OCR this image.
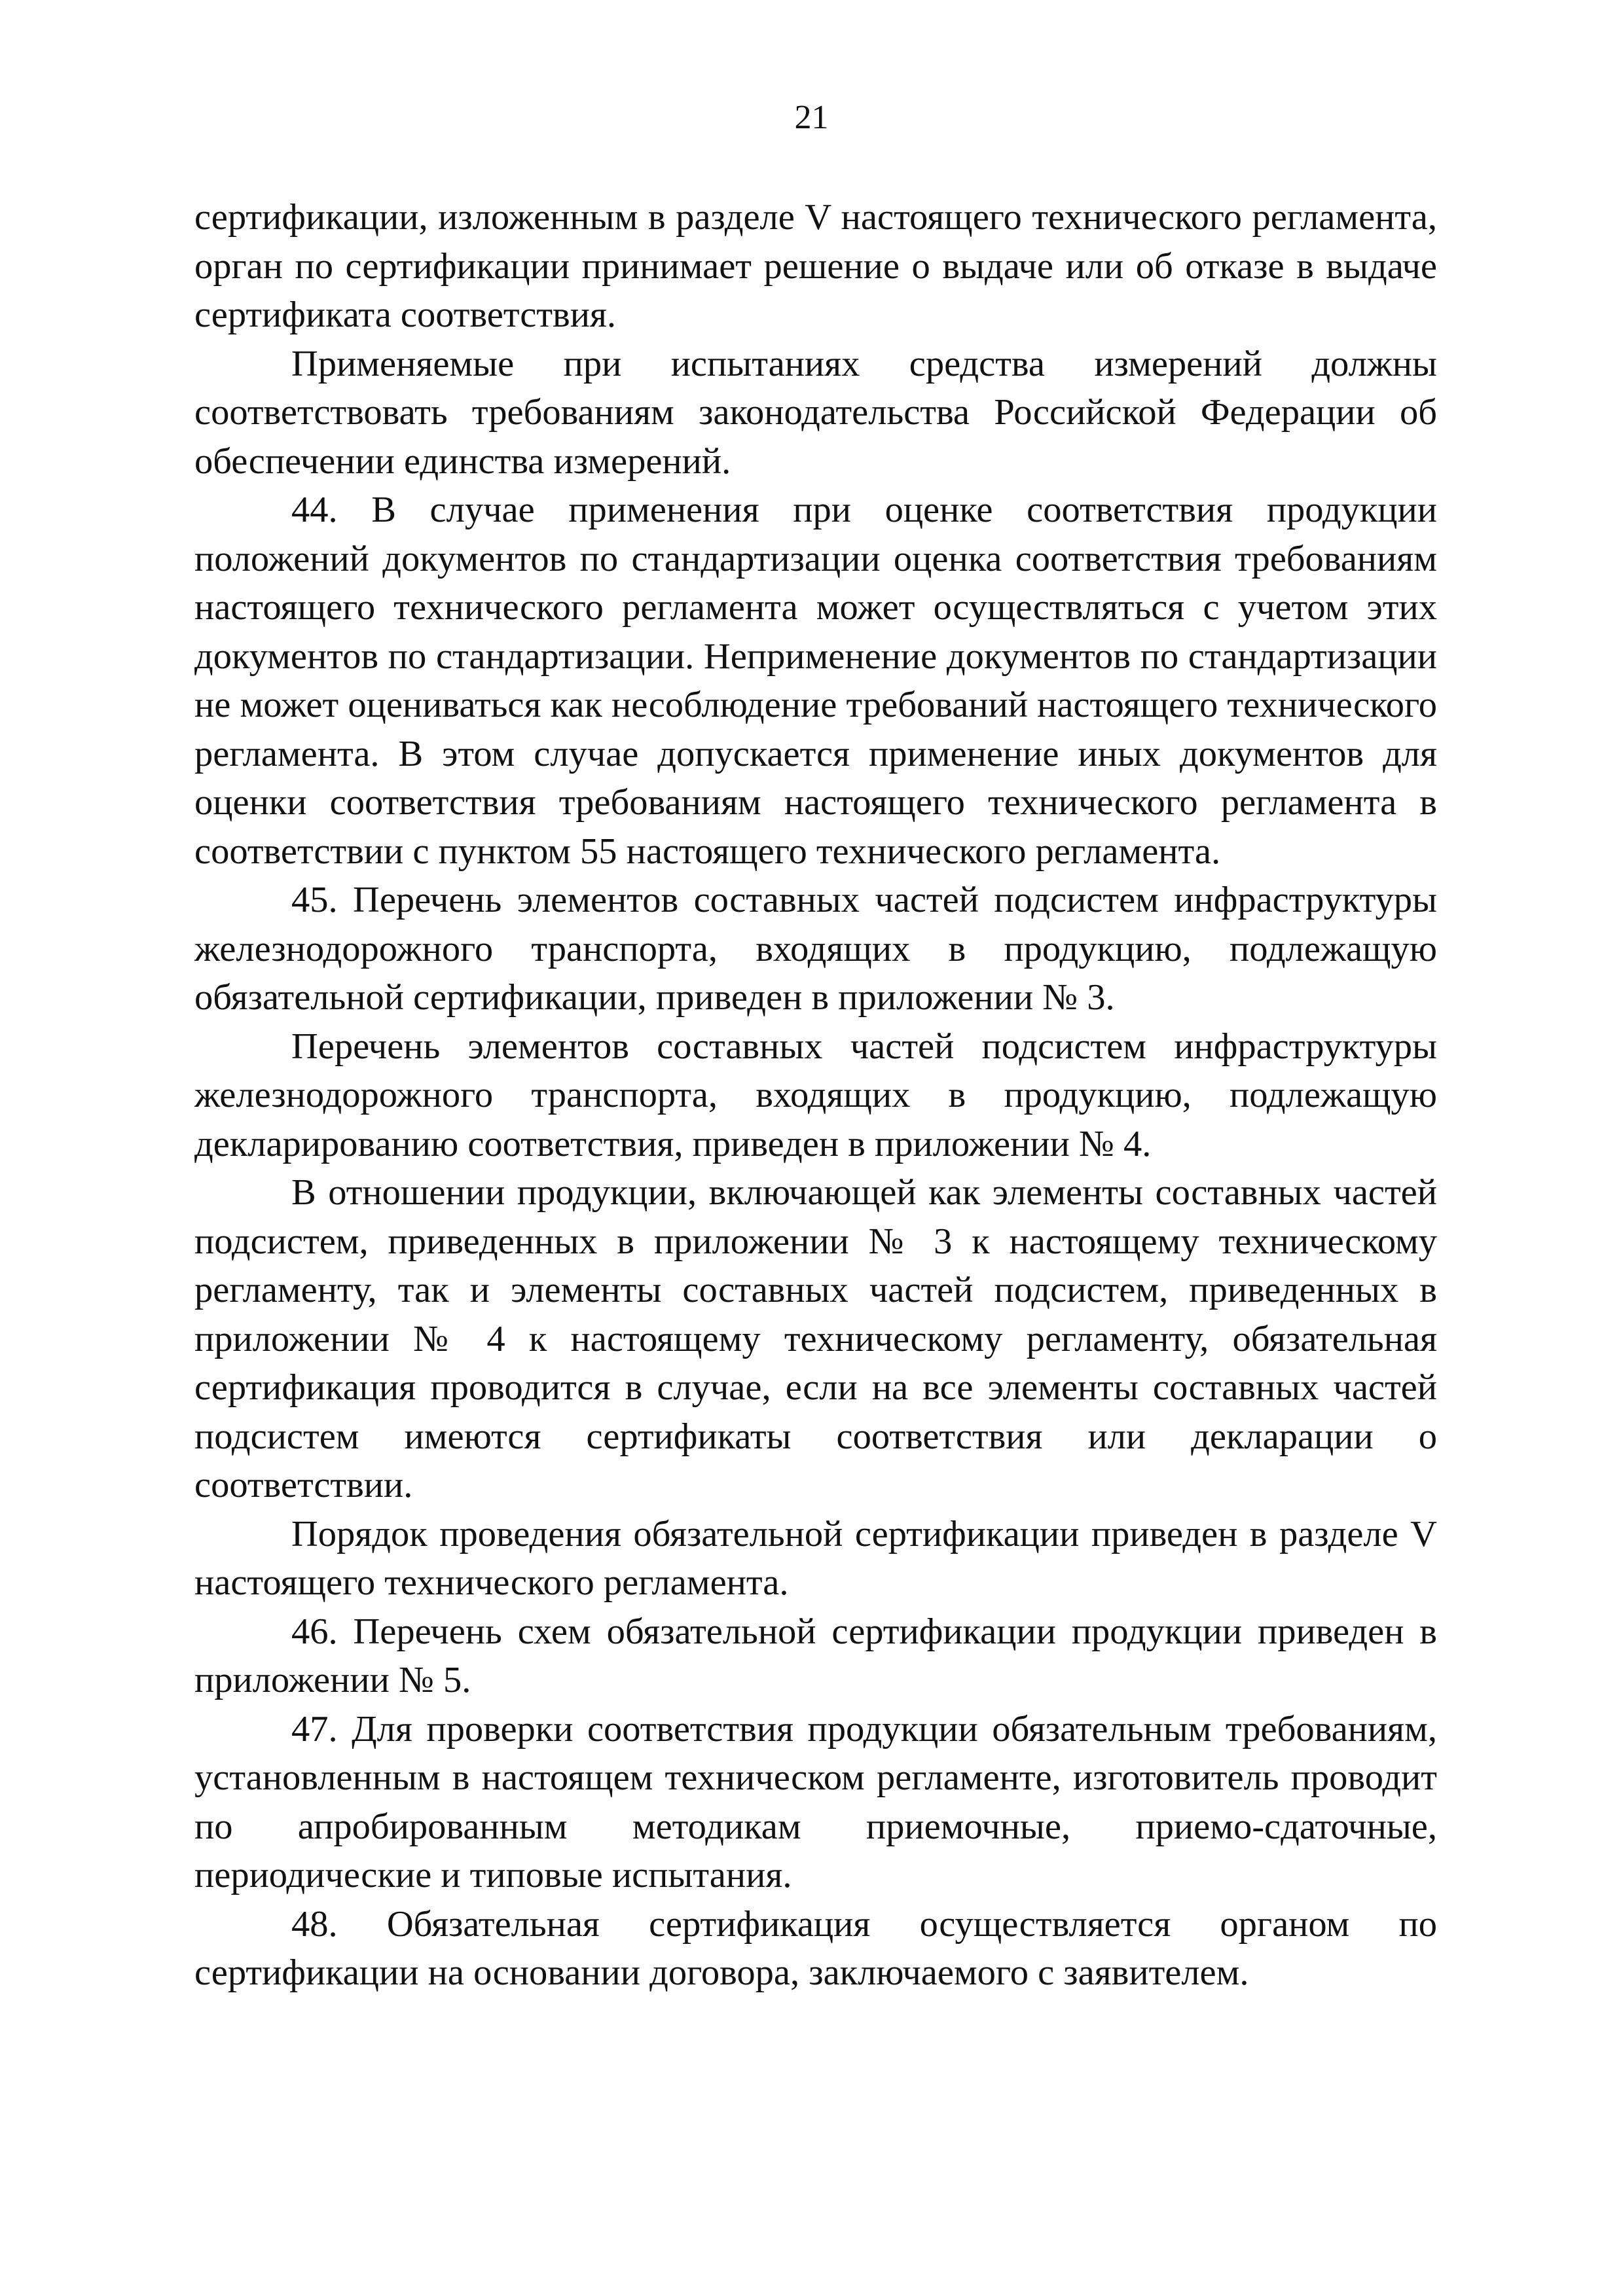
21

сертификации, изложенным в разделе V настоящего технического регламента, орган по сертификации принимает решение о выдаче или об отказе в выдаче сертификата соответствия.

Применяемые при испытаниях средства измерений должны соответствовать требованиям законодательства Российской Федерации об обеспечении единства измерений.

44. В случае применения при оценке соответствия продукции положений документов по стандартизации оценка соответствия требованиям настоящего технического регламента может осуществляться с учетом этих документов по стандартизации. Неприменение документов по стандартизации не может оцениваться как несоблюдение требований настоящего технического регламента. В этом случае допускается применение иных документов для оценки соответствия требованиям настоящего технического регламента в соответствии с пунктом 55 настоящего технического регламента.

45. Перечень элементов составных частей подсистем инфраструктуры железнодорожного транспорта, входящих в продукцию, подлежащую обязательной сертификации, приведен в приложении № 3.

Перечень элементов составных частей подсистем инфраструктуры железнодорожного транспорта, входящих в продукцию, подлежащую декларированию соответствия, приведен в приложении № 4.

В отношении продукции, включающей как элементы составных частей подсистем, приведенных в приложении № 3 к настоящему техническому регламенту, так и элементы составных частей подсистем, приведенных в приложении № 4 к настоящему техническому регламенту, обязательная сертификация проводится в случае, если на все элементы составных частей подсистем имеются сертификаты соответствия или декларации о соответствии.

Порядок проведения обязательной сертификации приведен в разделе V настоящего технического регламента.

46. Перечень схем обязательной сертификации продукции приведен в приложении № 5.

47. Для проверки соответствия продукции обязательным требованиям, установленным в настоящем техническом регламенте, изготовитель проводит по апробированным методикам приемочные, приемо-сдаточные, периодические и типовые испытания.

48. Обязательная сертификация осуществляется органом по сертификации на основании договора, заключаемого с заявителем.
